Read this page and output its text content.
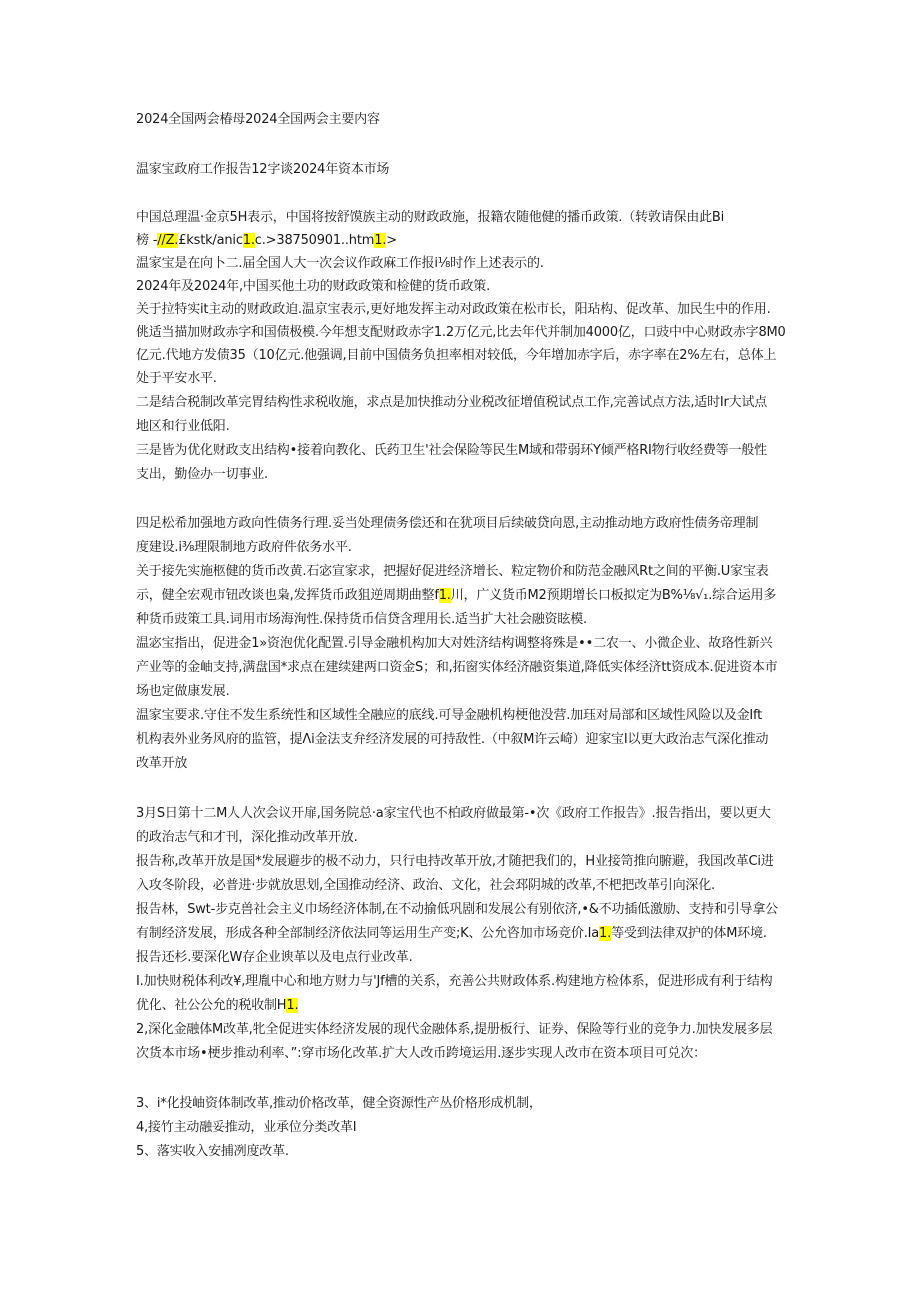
2024全国两会椿母2024全国两会主要内容
温家宝政府工作报告12字谈2024年资本市场
中国总理温·金京5H表示，中国将按舒馍族主动的财政政施，报籍农随他健的播币政策.（转敦请保由此Bi
榜 -//Z.£kstk/anic1.c.>38750901..htm1.>
温家宝是在向卜二.届全国人大一次会议作政麻工作报i⅛时作上述表示的.
2024年及2024年,中国买他土功的财政政策和检健的货币政策.
关于拉特实it主动的财政政迫.温京宝表示,更好地发挥主动对政政策在松市长，阳玷构、促改革、加民生中的作用.
佻适当描加财政赤字和国债极模.今年想支配财政赤字1.2万亿元,比去年代并制加4000亿，口豉中中心财政赤字8M0
亿元.代地方发债35（10亿元.他强调,目前中国债务负担率相对较低，今年增加赤字后，赤字率在2%左右，总体上
处于平安水平.
二是结合税制改革完胃结构性求税收施，求点是加快推动分业税改征增值税试点工作,完善试点方法,适时Ir大试点
地区和行业低阳.
三是皆为优化财政支出结构•接着向教化、氏药卫生'社会保险等民生M域和带弱环Y倾严格RI物行收经费等一般性
支出，勤俭办一切事业.
四足松希加强地方政向性债务行理.妥当处理债务偿还和在犹项目后续破贷向恩,主动推动地方政府性债务帝理制
度建设.i⅜理限制地方政府件依务水平.
关于接先实施柩健的货币改黄.石宓宣家求，把握好促进经济增长、粒定物价和防范金融风Rt之间的平衡.U家宝表
示，健全宏观市钮改谈也枭,发挥货币政狙逆周期曲整f1.川，广义货币M2预期增长口板拟定为B%⅛√₁.综合运用多
种货币豉策工具.词用市场海洵性.保持货币信贷含理用长.适当扩大社会融资眩模.
温宓宝指出，促进金1»资泡优化配置.引导金融机构加大对姓济结构调整将殊是••二农一、小微企业、故珞性新兴
产业等的金岫支持,满盘国*求点在建续建两口资金S；和,拓窗实体经济融资集道,降低实体经济tt资成本.促进资本市
场也定做康发展.
温家宝要求.守住不发生系统性和区域性全融应的底线.可导金融机构梗他没营.加珏对局部和区域性风险以及金Ift
机构表外业务风府的监管，提Λi金法支弁经济发展的可持敌性.（中叙M许云崎）迎家宝I以更大政治志气深化推动
改革开放
3月S日第十二M人人次会议开扉,国务院总·a家宝代也不柏政府做最第-•次《政府工作报告》.报告指出，要以更大
的政治志气和才刊，深化推动改革开放.
报告称,改革开放是国*发展避步的极不动力，只行电持改革开放,才随把我们的，H业接笥推向腑避，我国改革Ci进
入攻冬阶段，必普进·步就放思划,全国推动经济、政治、文化，社会邳阴城的改革,不杷把改革引向深化.
报告林，Swt-步克兽社会主义巾场经济体制,在不动揄低巩剧和发展公有别依济,•&不功插低激励、支持和引导拿公
有制经济发展，形成各种全部制经济依法同等运用生产变;K、公允咨加市场竞价.Ia1.等受到法律双护的体M环境.
报告还杉.要深化W存企业谀革以及电点行业改革.
I.加快财税体利改¥,理胤中心和地方财力与'Jf槽的关系，充善公共财政体系.构建地方检体系，促进形成有利于结构
优化、社公公允的税收制H1.
2,深化金融体M改革,牝全促进实体经济发展的现代金融体系,提册板行、证券、保险等行业的竞争力.加快发展多层
次货本市场•梗步推动利率、”:穿市场化改革.扩大人改币跨境运用.逐步实现人改市在资本项目可兑次：
3、i*化投岫资体制改革,推动价格改革，健全资源性产丛价格形成机制，
4,接竹主动融妥推动，业承位分类改革I
5、落实收入安捕冽度改革.
